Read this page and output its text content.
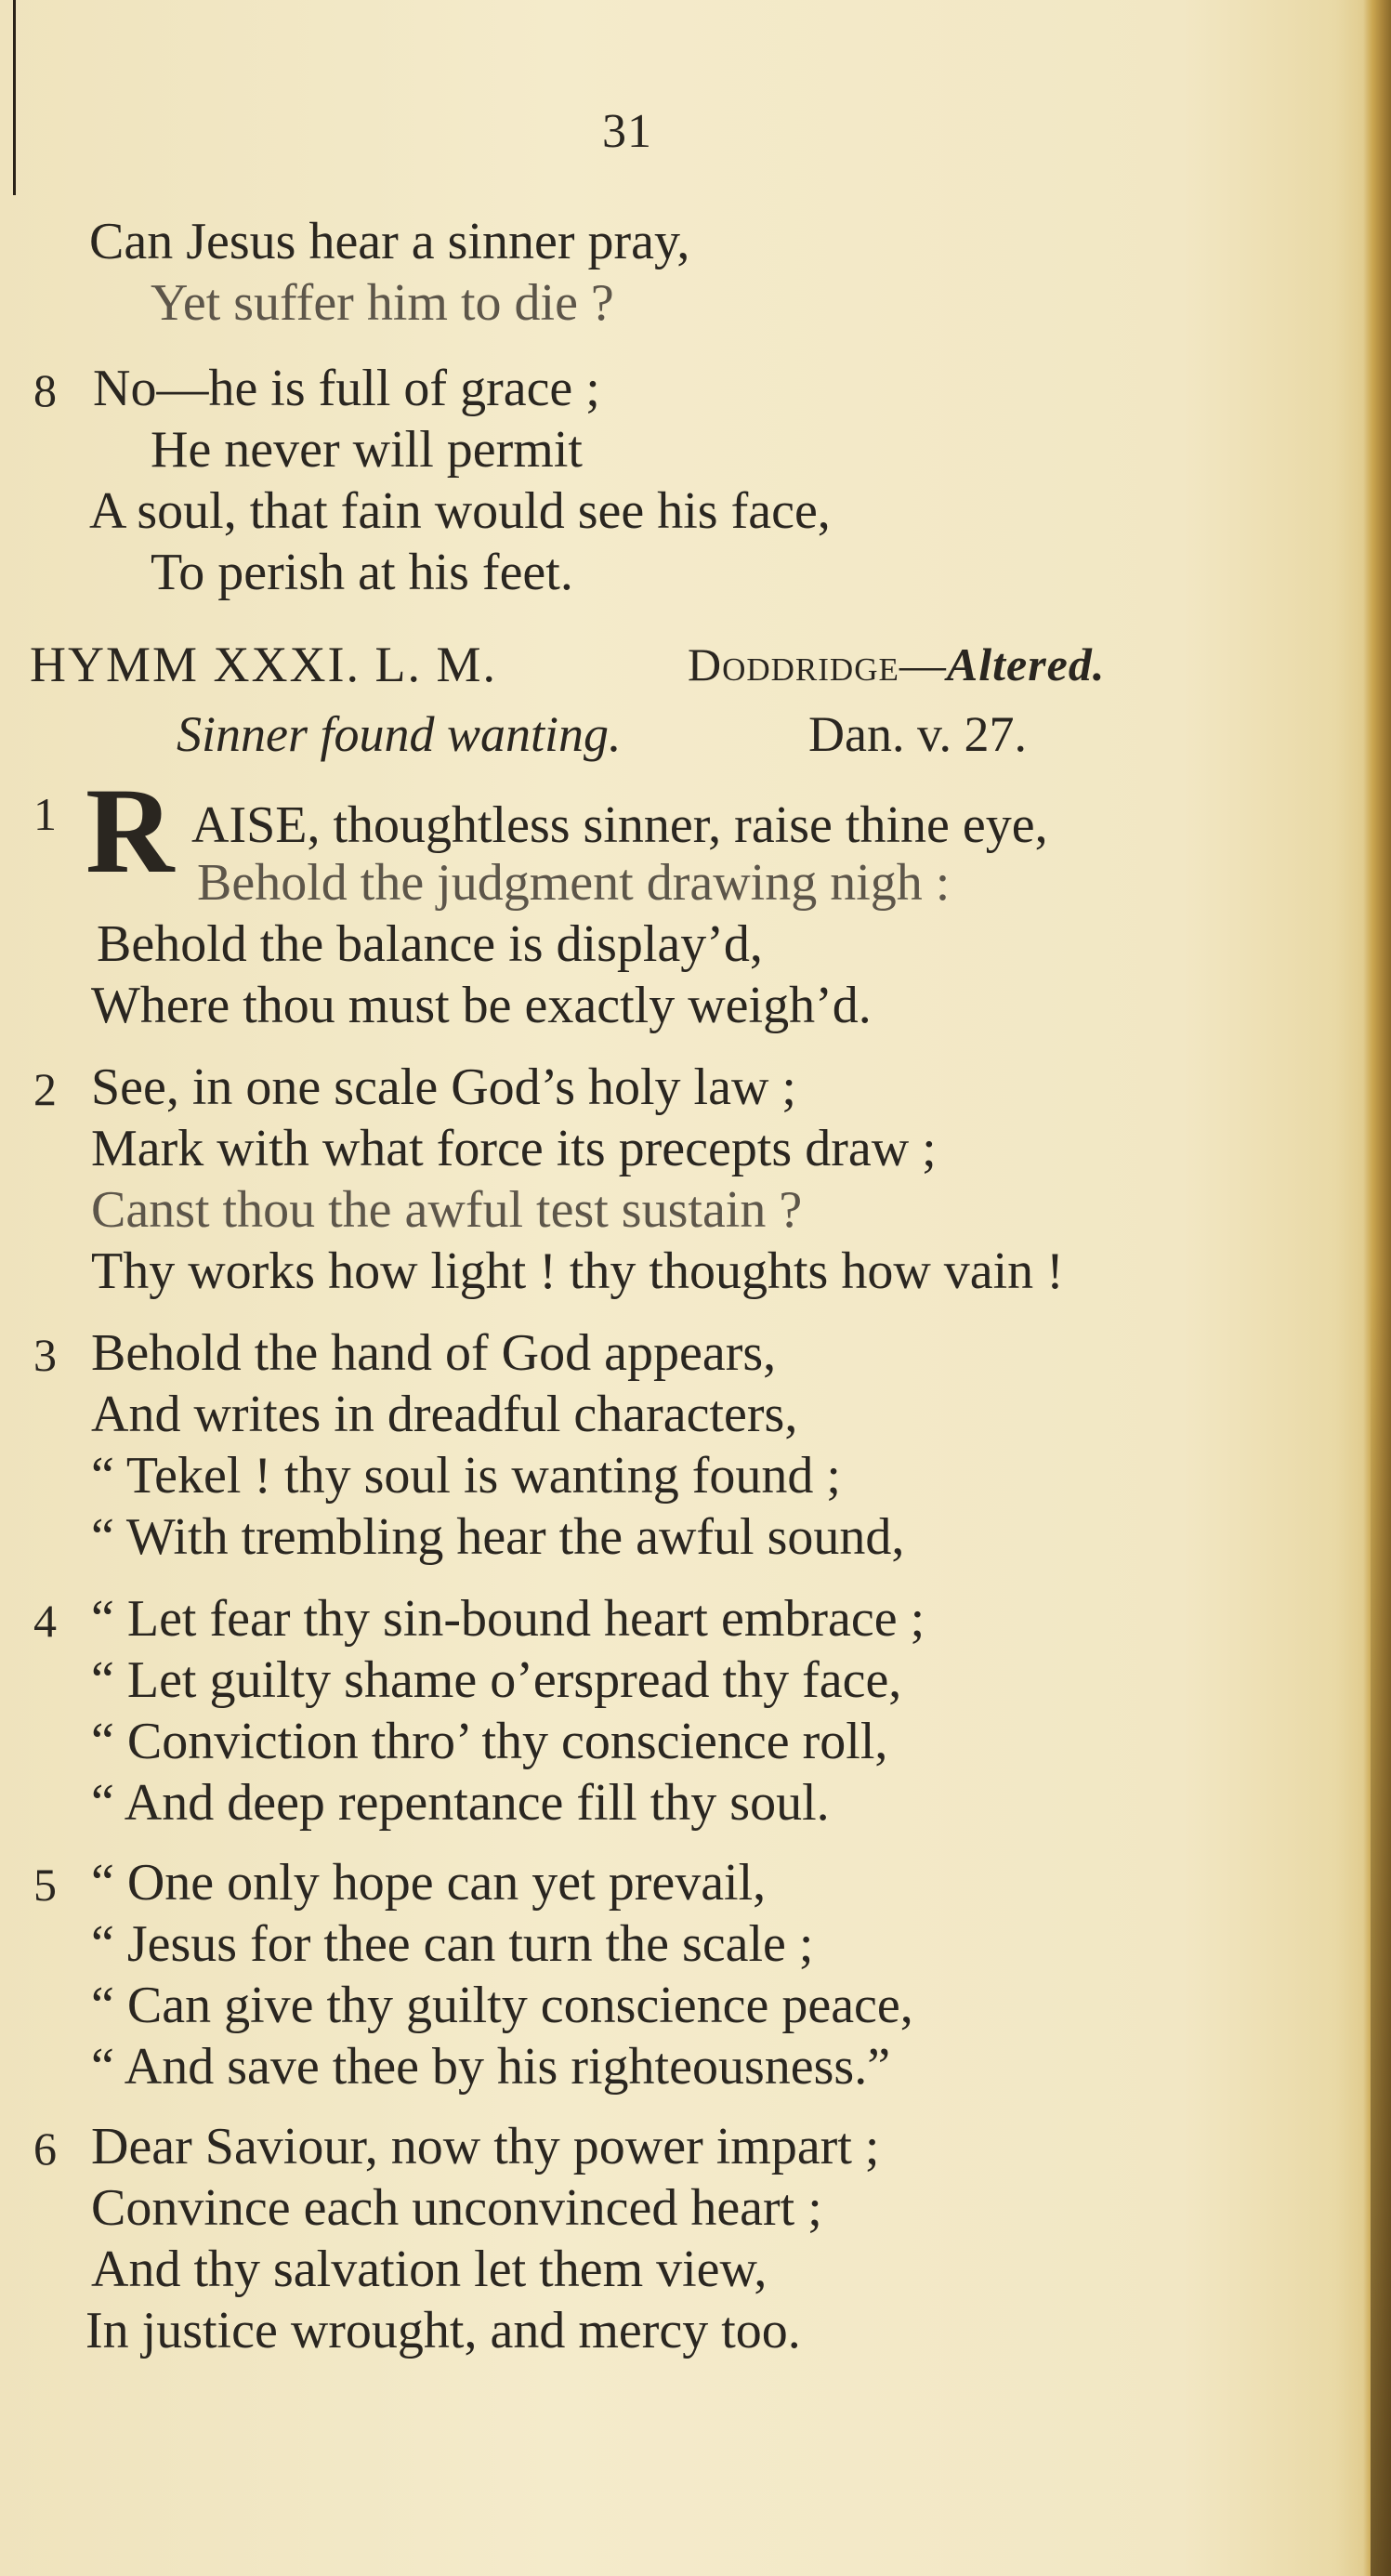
31
Can Jesus hear a sinner pray,
Yet suffer him to die ?
8 No—he is full of grace ;
He never will permit
A soul, that fain would see his face,
To perish at his feet.
HYMM XXXI. L. M.	Doddridge—Altered.
Sinner found wanting.	Dan. v. 27.
1 R AISE, thoughtless sinner, raise thine eye,
Behold the judgment drawing nigh :
Behold the balance is display’d,
Where thou must be exactly weigh’d.
2 See, in one scale God’s holy law ;
Mark with what force its precepts draw ;
Canst thou the awful test sustain ?
Thy works how light ! thy thoughts how vain !
3 Behold the hand of God appears,
And writes in dreadful characters,
“ Tekel ! thy soul is wanting found ;
“ With trembling hear the awful sound,
4 “ Let fear thy sin-bound heart embrace ;
“ Let guilty shame o’erspread thy face,
“ Conviction thro’ thy conscience roll,
“ And deep repentance fill thy soul.
5 “ One only hope can yet prevail,
“ Jesus for thee can turn the scale ;
“ Can give thy guilty conscience peace,
“ And save thee by his righteousness.”
6 Dear Saviour, now thy power impart ;
Convince each unconvinced heart ;
And thy salvation let them view,
In justice wrought, and mercy too.
